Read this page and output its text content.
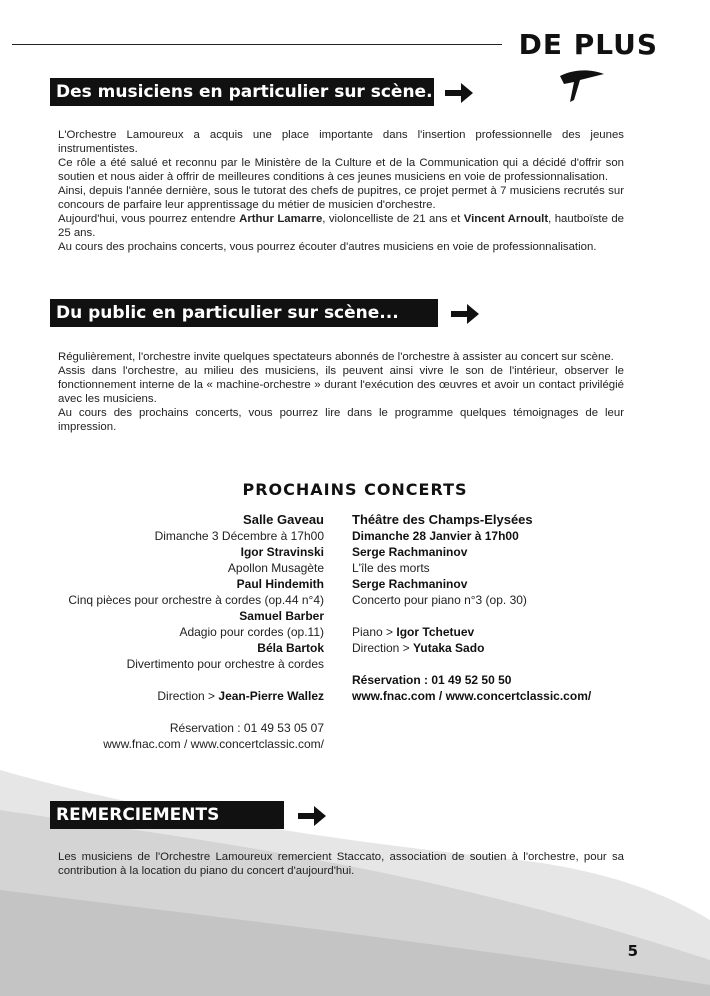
DE PLUS
Des musiciens en particulier sur scène...

L'Orchestre Lamoureux a acquis une place importante dans l'insertion professionnelle des jeunes instrumentistes.

Ce rôle a été salué et reconnu par le Ministère de la Culture et de la Communication qui a décidé d'offrir son soutien et nous aider à offrir de meilleures conditions à ces jeunes musiciens en voie de professionnalisation.

Ainsi, depuis l'année dernière, sous le tutorat des chefs de pupitres, ce projet permet à 7 musiciens recrutés sur concours de parfaire leur apprentissage du métier de musicien d'orchestre.

Aujourd'hui, vous pourrez entendre Arthur Lamarre, violoncelliste de 21 ans et Vincent Arnoult, hautboïste de 25 ans.

Au cours des prochains concerts, vous pourrez écouter d'autres musiciens en voie de professionnalisation.

Du public en particulier sur scène...

Régulièrement, l'orchestre invite quelques spectateurs abonnés de l'orchestre à assister au concert sur scène.

Assis dans l'orchestre, au milieu des musiciens, ils peuvent ainsi vivre le son de l'intérieur, observer le fonctionnement interne de la « machine-orchestre » durant l'exécution des œuvres et avoir un contact privilégié avec les musiciens.

Au cours des prochains concerts, vous pourrez lire dans le programme quelques témoignages de leur impression.

PROCHAINS CONCERTS
Salle Gaveau
Dimanche 3 Décembre à 17h00
Igor Stravinski
Apollon Musagète
Paul Hindemith
Cinq pièces pour orchestre à cordes (op.44 n°4)
Samuel Barber
Adagio pour cordes (op.11)
Béla Bartok
Divertimento pour orchestre à cordes
Direction > Jean-Pierre Wallez
Réservation : 01 49 53 05 07
www.fnac.com / www.concertclassic.com/
Théâtre des Champs-Elysées
Dimanche 28 Janvier à 17h00
Serge Rachmaninov
L'île des morts
Serge Rachmaninov
Concerto pour piano n°3 (op. 30)
Piano > Igor Tchetuev
Direction > Yutaka Sado
Réservation : 01 49 52 50 50
www.fnac.com / www.concertclassic.com/
REMERCIEMENTS

Les musiciens de l'Orchestre Lamoureux remercient Staccato, association de soutien à l'orchestre, pour sa contribution à la location du piano du concert d'aujourd'hui.

5
